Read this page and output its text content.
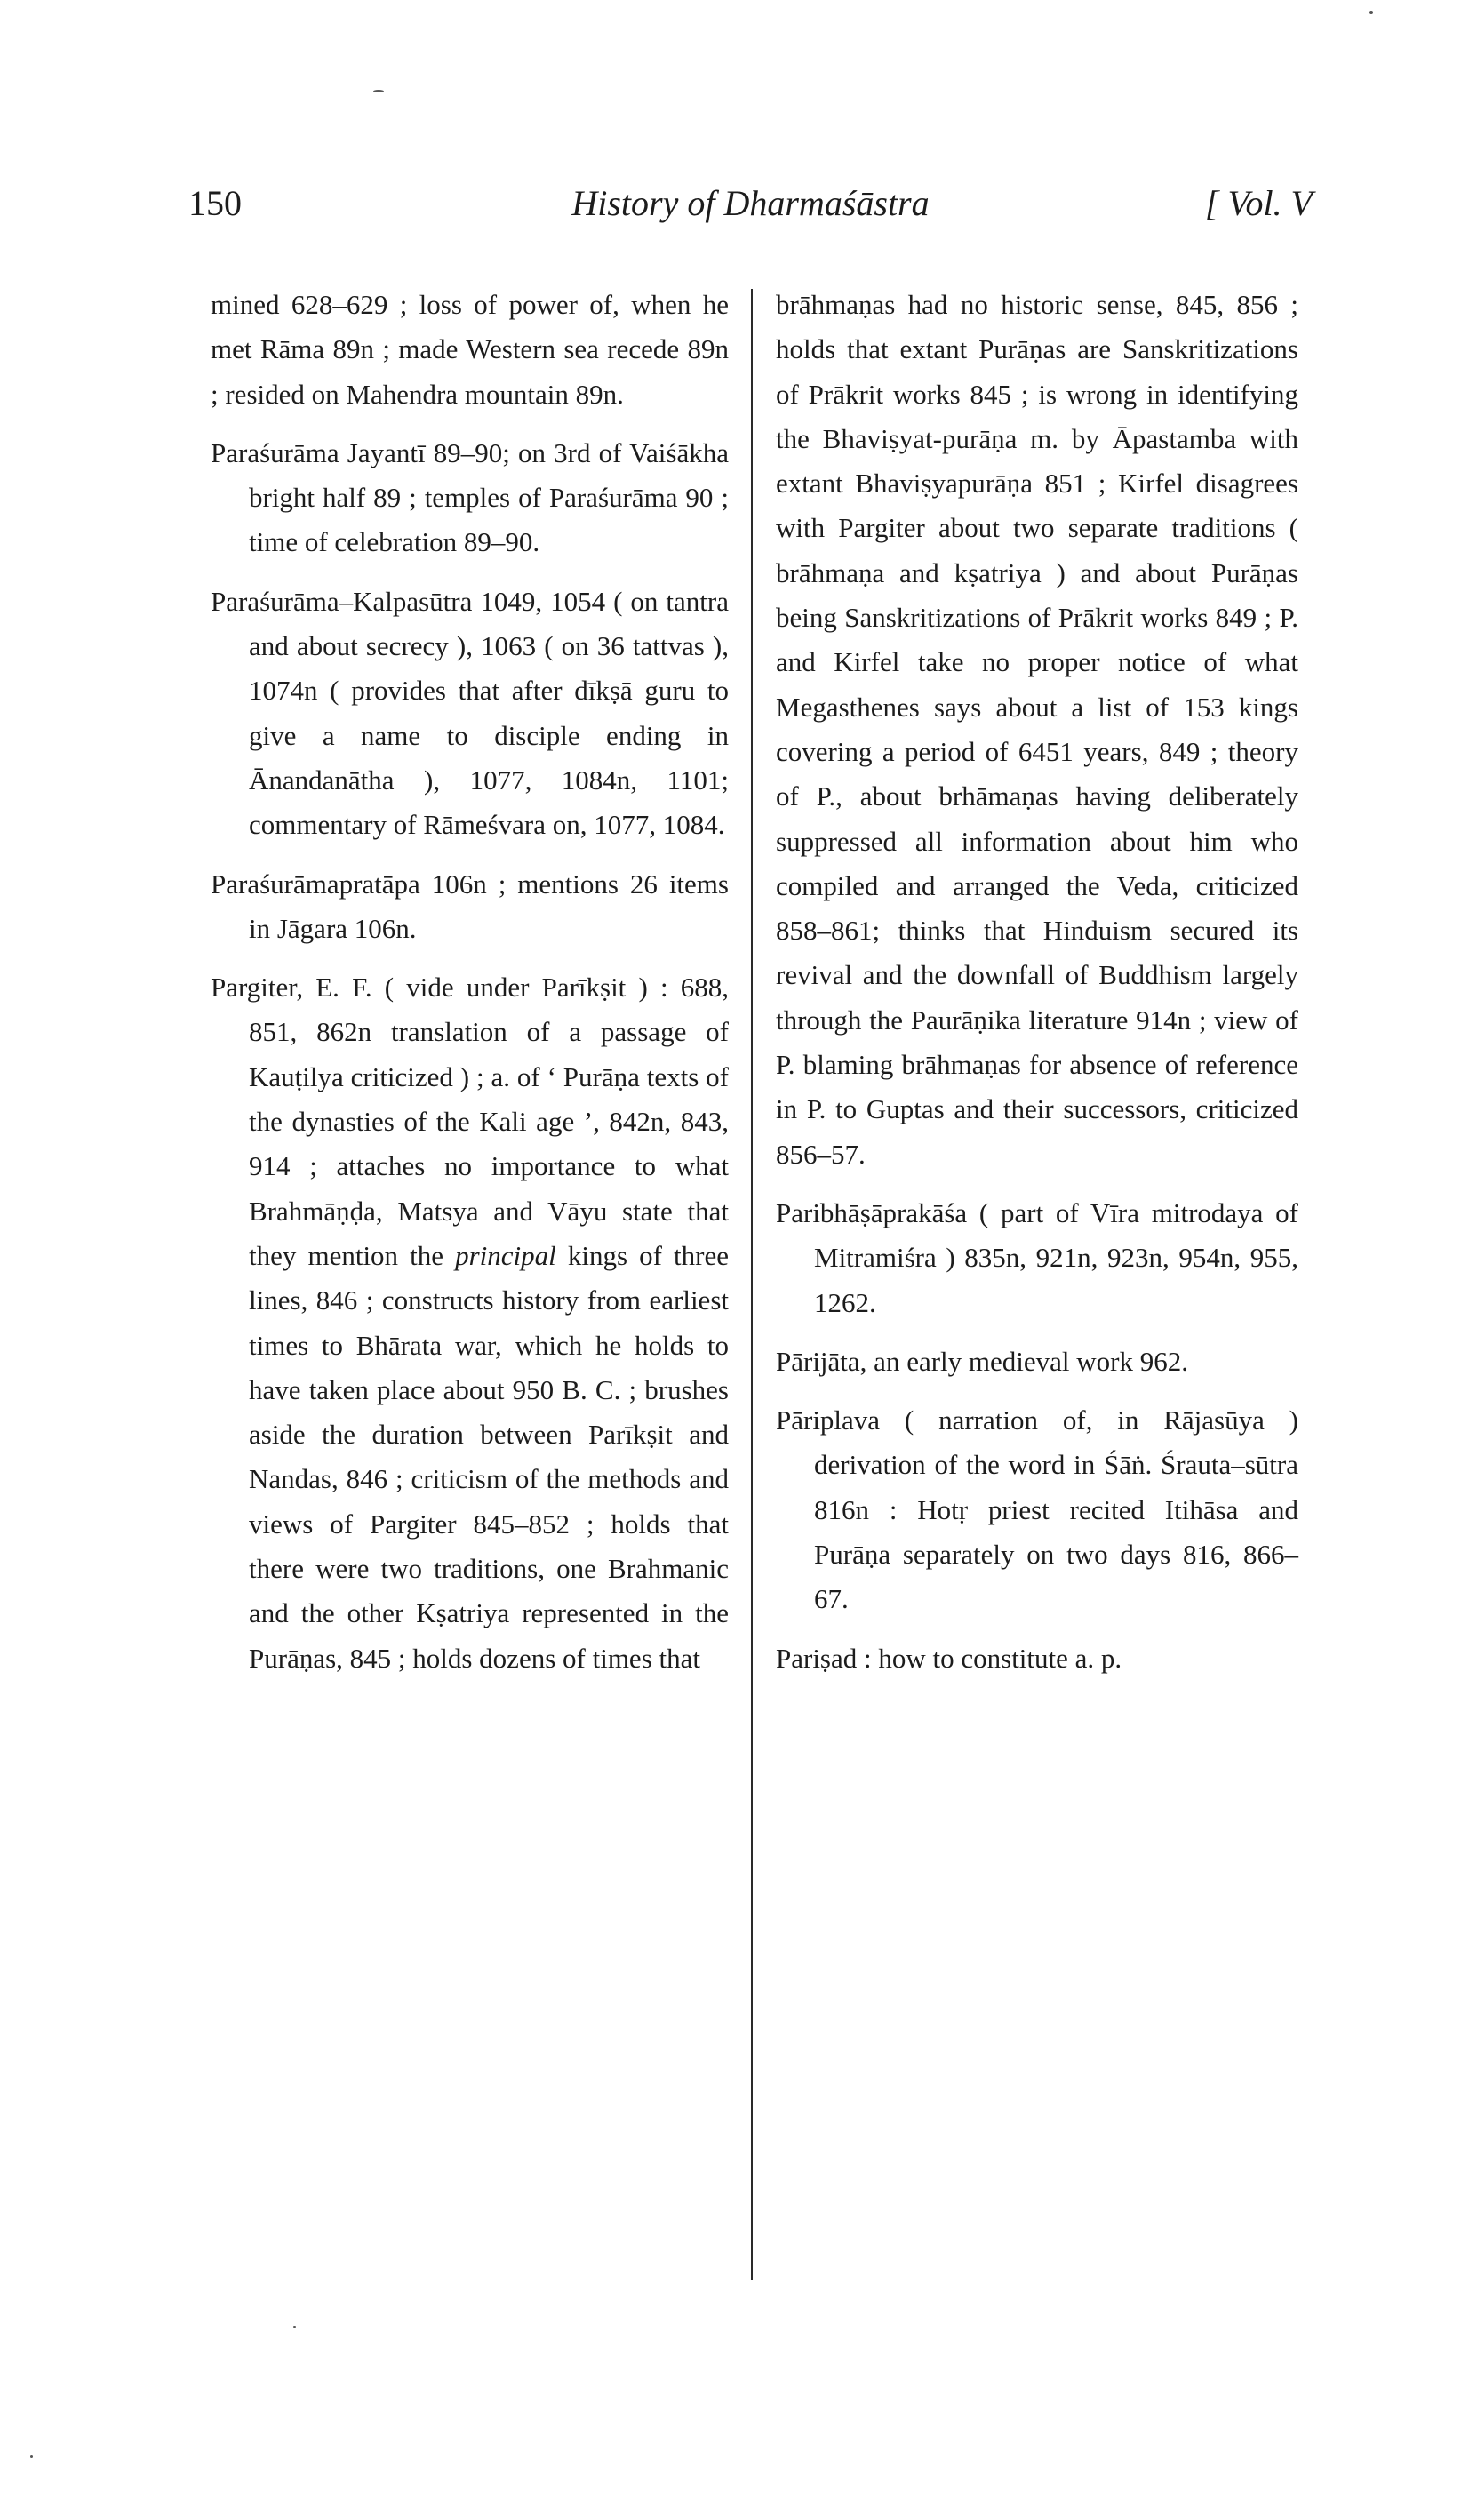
150	History of Dharmaśāstra	[ Vol. V
mined 628–629 ; loss of power of, when he met Rāma 89n ; made Western sea recede 89n ; resided on Mahendra mountain 89n.
Paraśurāma Jayantī 89–90; on 3rd of Vaiśākha bright half 89 ; temples of Paraśurāma 90 ; time of celebration 89–90.
Paraśurāma–Kalpasūtra 1049, 1054 ( on tantra and about secrecy ), 1063 ( on 36 tattvas ), 1074n ( provides that after dīkṣā guru to give a name to disciple ending in Ānandanātha ), 1077, 1084n, 1101; commentary of Rāmeśvara on, 1077, 1084.
Paraśurāmapratāpa 106n ; mentions 26 items in Jāgara 106n.
Pargiter, E. F. ( vide under Parīkṣit ) : 688, 851, 862n translation of a passage of Kauṭilya criticized ) ; a. of ‘ Purāṇa texts of the dynasties of the Kali age ’, 842n, 843, 914 ; attaches no importance to what Brahmāṇḍa, Matsya and Vāyu state that they mention the principal kings of three lines, 846 ; constructs history from earliest times to Bhārata war, which he holds to have taken place about 950 B. C. ; brushes aside the duration between Parīkṣit and Nandas, 846 ; criticism of the methods and views of Pargiter 845–852 ; holds that there were two traditions, one Brahmanic and the other Kṣatriya represented in the Purāṇas, 845 ; holds dozens of times that
brāhmaṇas had no historic sense, 845, 856 ; holds that extant Purāṇas are Sanskritizations of Prākrit works 845 ; is wrong in identifying the Bhaviṣyat-purāṇa m. by Āpastamba with extant Bhaviṣyapurāṇa 851 ; Kirfel disagrees with Pargiter about two separate traditions ( brāhmaṇa and kṣatriya ) and about Purāṇas being Sanskritizations of Prākrit works 849 ; P. and Kirfel take no proper notice of what Megasthenes says about a list of 153 kings covering a period of 6451 years, 849 ; theory of P., about brhāmaṇas having deliberately suppressed all information about him who compiled and arranged the Veda, criticized 858–861; thinks that Hinduism secured its revival and the downfall of Buddhism largely through the Paurāṇika literature 914n ; view of P. blaming brāhmaṇas for absence of reference in P. to Guptas and their successors, criticized 856–57.
Paribhāṣāprakāśa ( part of Vīra mitrodaya of Mitramiśra ) 835n, 921n, 923n, 954n, 955, 1262.
Pārijāta, an early medieval work 962.
Pāriplava ( narration of, in Rājasūya ) derivation of the word in Śāṅ. Śrauta–sūtra 816n : Hotṛ priest recited Itihāsa and Purāṇa separately on two days 816, 866–67.
Pariṣad : how to constitute a. p.
